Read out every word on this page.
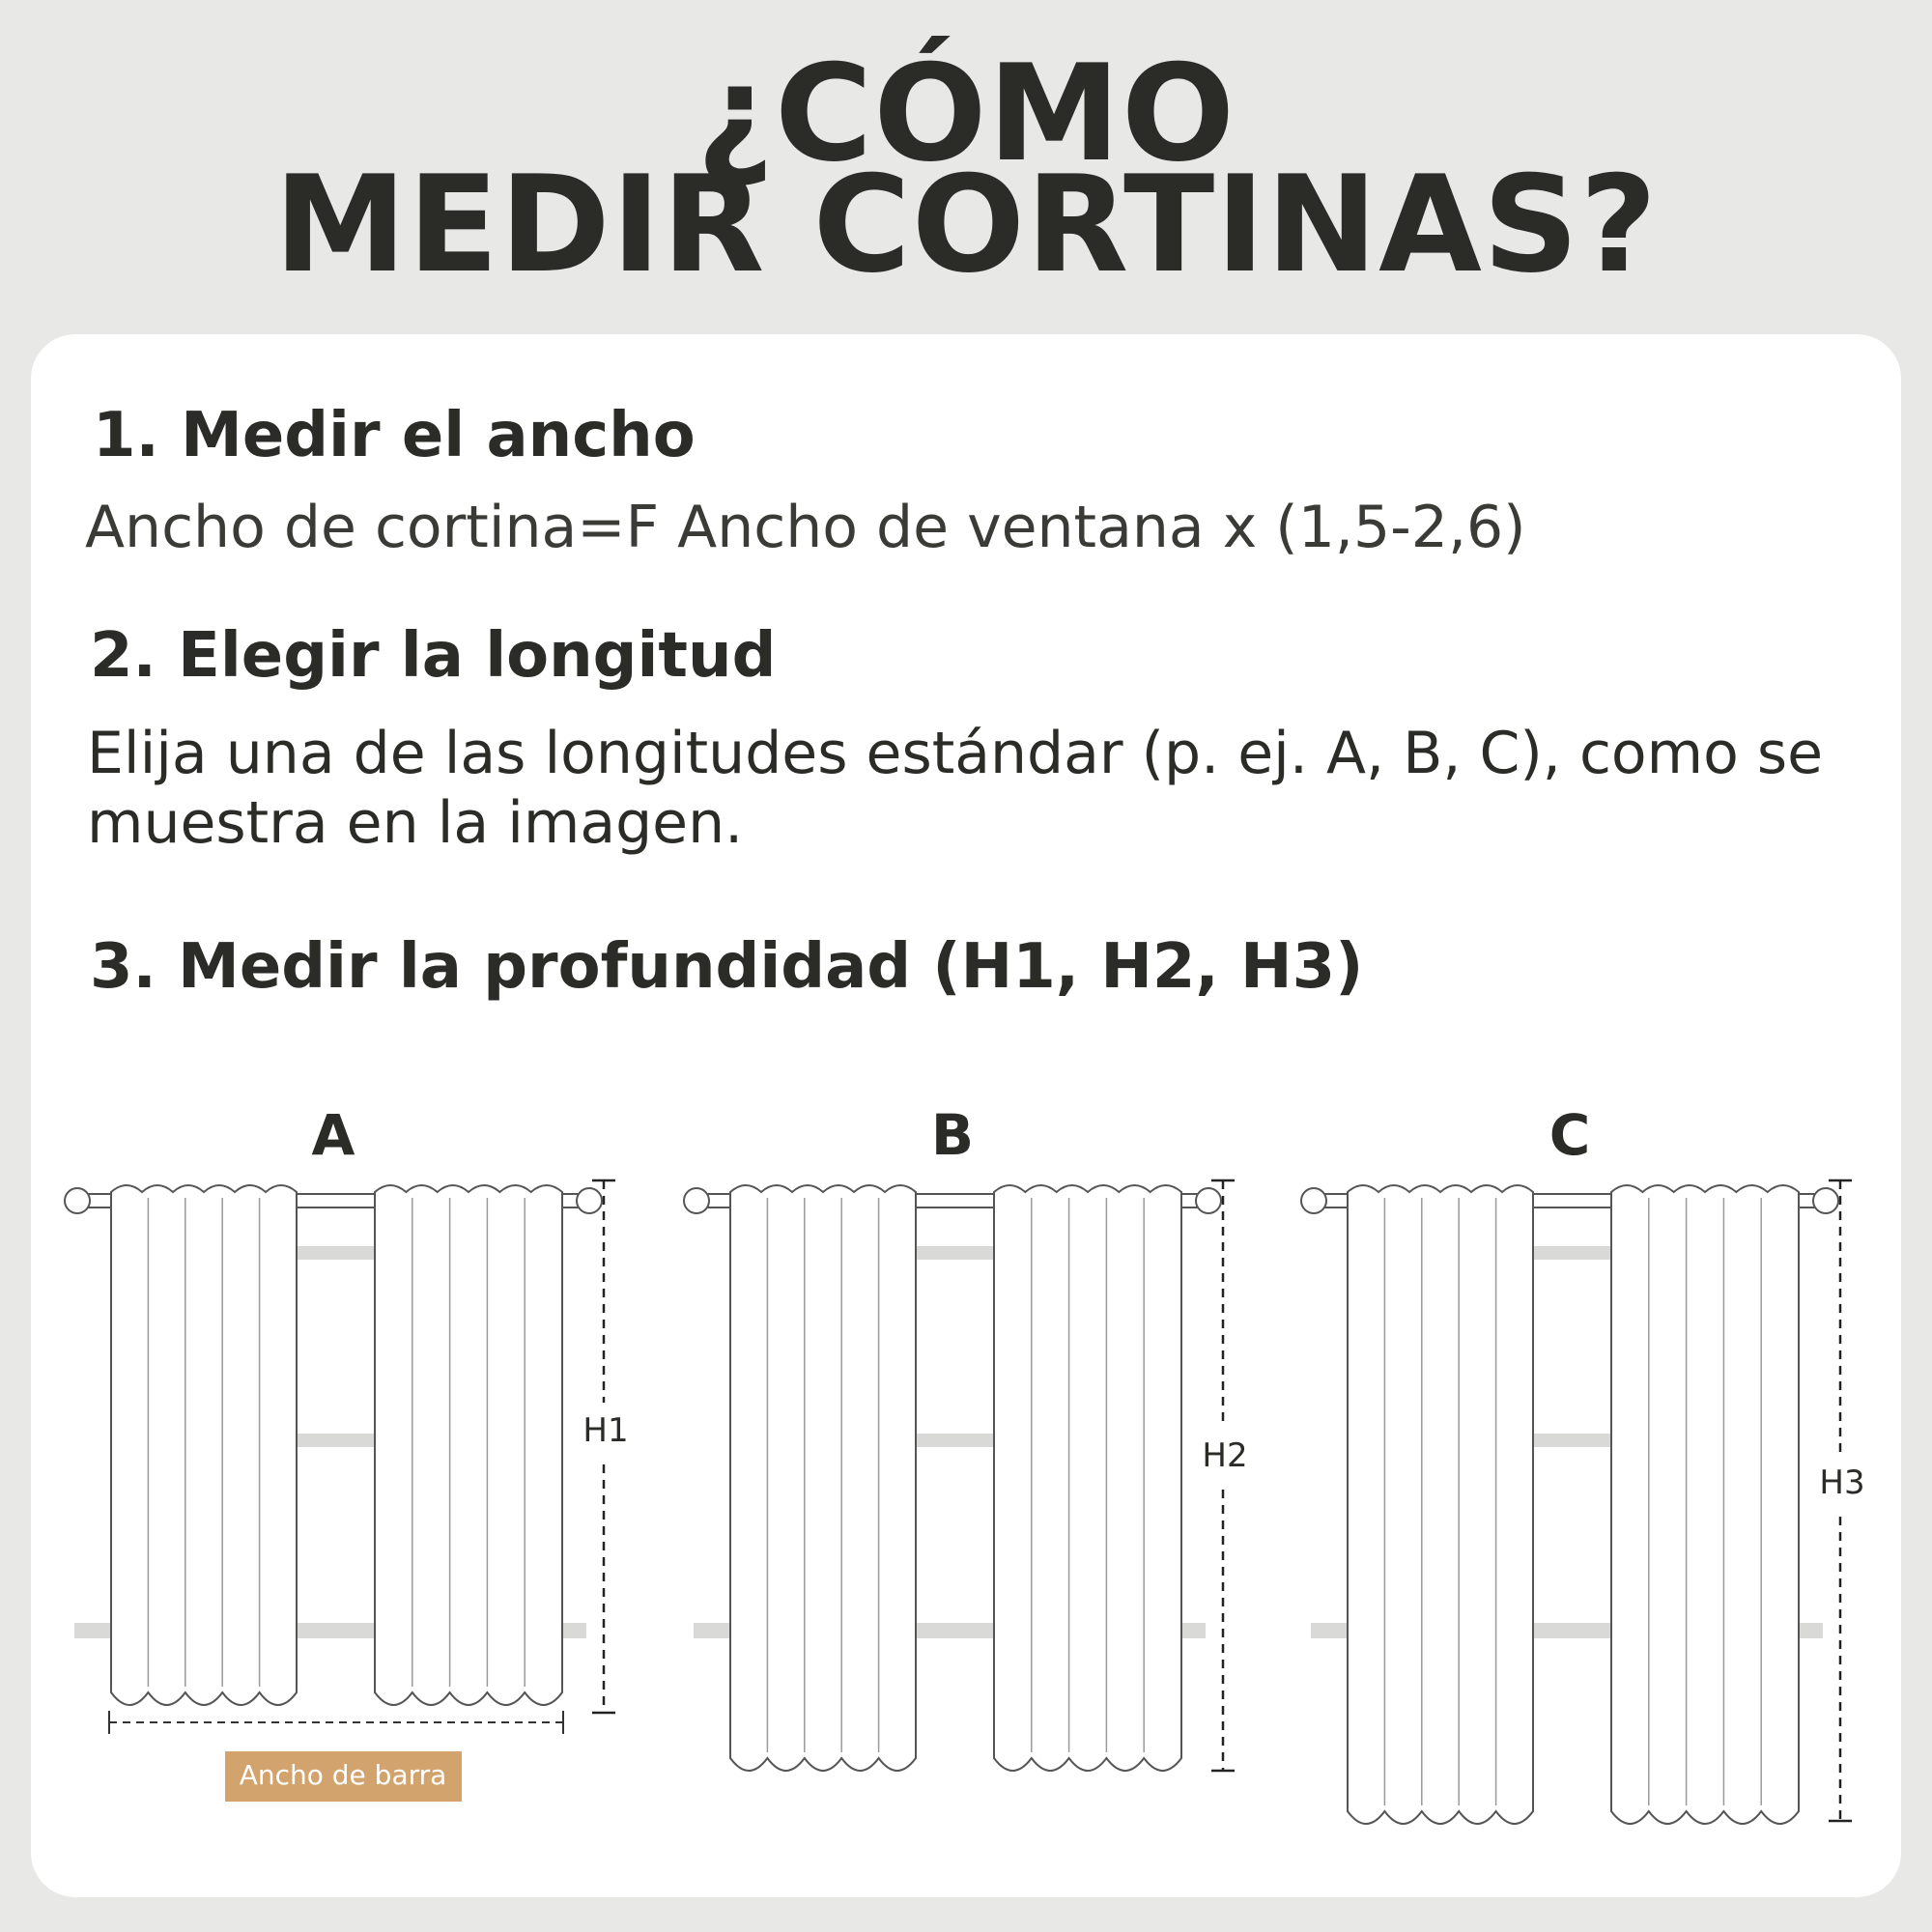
¿CÓMO
MEDIR CORTINAS?
1. Medir el ancho
Ancho de cortina=F Ancho de ventana x (1,5-2,6)
2. Elegir la longitud
Elija una de las longitudes estándar (p. ej. A, B, C), como se muestra en la imagen.
3. Medir la profundidad (H1, H2, H3)
A
H1
B
H2
C
H3
Ancho de barra
